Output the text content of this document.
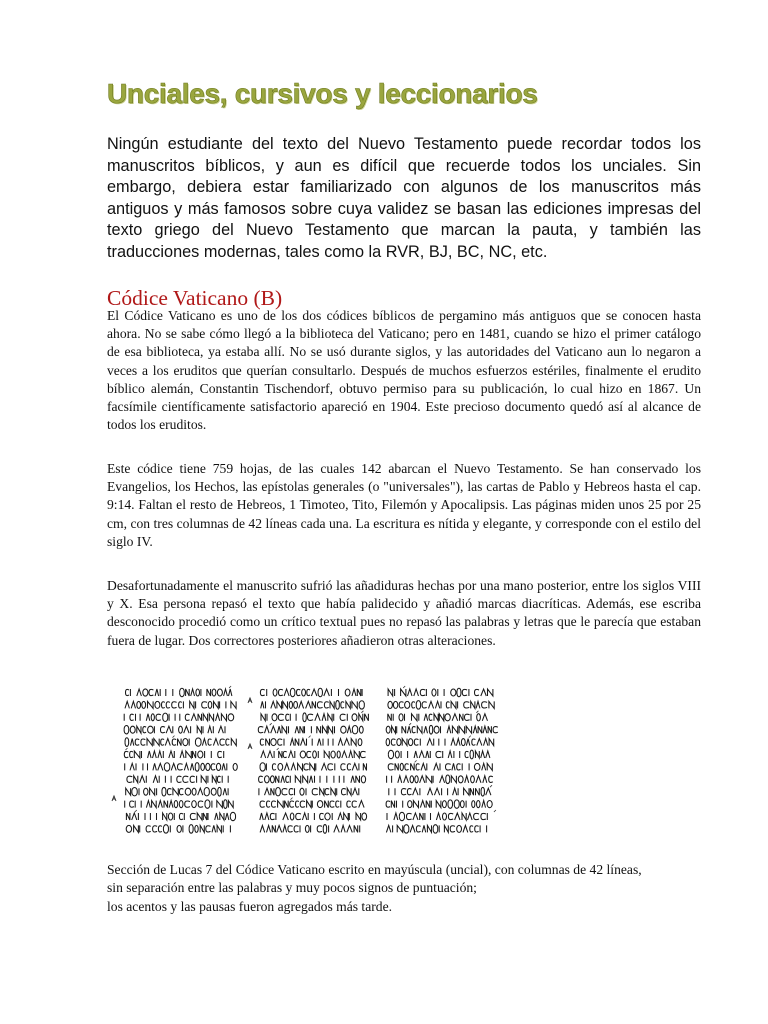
Unciales, cursivos y leccionarios

Ningún estudiante del texto del Nuevo Testamento puede recordar todos los manuscritos bíblicos, y aun es difícil que recuerde todos los unciales. Sin embargo, debiera estar familiarizado con algunos de los manuscritos más antiguos y más famosos sobre cuya validez se basan las ediciones impresas del texto griego del Nuevo Testamento que marcan la pauta, y también las traducciones modernas, tales como la RVR, BJ, BC, NC, etc.

Códice Vaticano (B)

El Códice Vaticano es uno de los dos códices bíblicos de pergamino más antiguos que se conocen hasta ahora. No se sabe cómo llegó a la biblioteca del Vaticano; pero en 1481, cuando se hizo el primer catálogo de esa biblioteca, ya estaba allí. No se usó durante siglos, y las autoridades del Vaticano aun lo negaron a veces a los eruditos que querían consultarlo. Después de muchos esfuerzos estériles, finalmente el erudito bíblico alemán, Constantin Tischendorf, obtuvo permiso para su publicación, lo cual hizo en 1867. Un facsímile científicamente satisfactorio apareció en 1904. Este precioso documento quedó así al alcance de todos los eruditos.

Este códice tiene 759 hojas, de las cuales 142 abarcan el Nuevo Testamento. Se han conservado los Evangelios, los Hechos, las epístolas generales (o "universales"), las cartas de Pablo y Hebreos hasta el cap. 9:14. Faltan el resto de Hebreos, 1 Timoteo, Tito, Filemón y Apocalipsis. Las páginas miden unos 25 por 25 cm, con tres columnas de 42 líneas cada una. La escritura es nítida y elegante, y corresponde con el estilo del siglo IV.

Desafortunadamente el manuscrito sufrió las añadiduras hechas por una mano posterior, entre los siglos VIII y X. Esa persona repasó el texto que había palidecido y añadió marcas diacríticas. Además, ese escriba desconocido procedió como un crítico textual pues no repasó las palabras y letras que le parecía que estaban fuera de lugar. Dos correctores posteriores añadieron otras alteraciones.

Sección de Lucas 7 del Códice Vaticano escrito en mayúscula (uncial), con columnas de 42 líneas,
sin separación entre las palabras y muy pocos signos de puntuación;
los acentos y las pausas fueron agregados más tarde.
